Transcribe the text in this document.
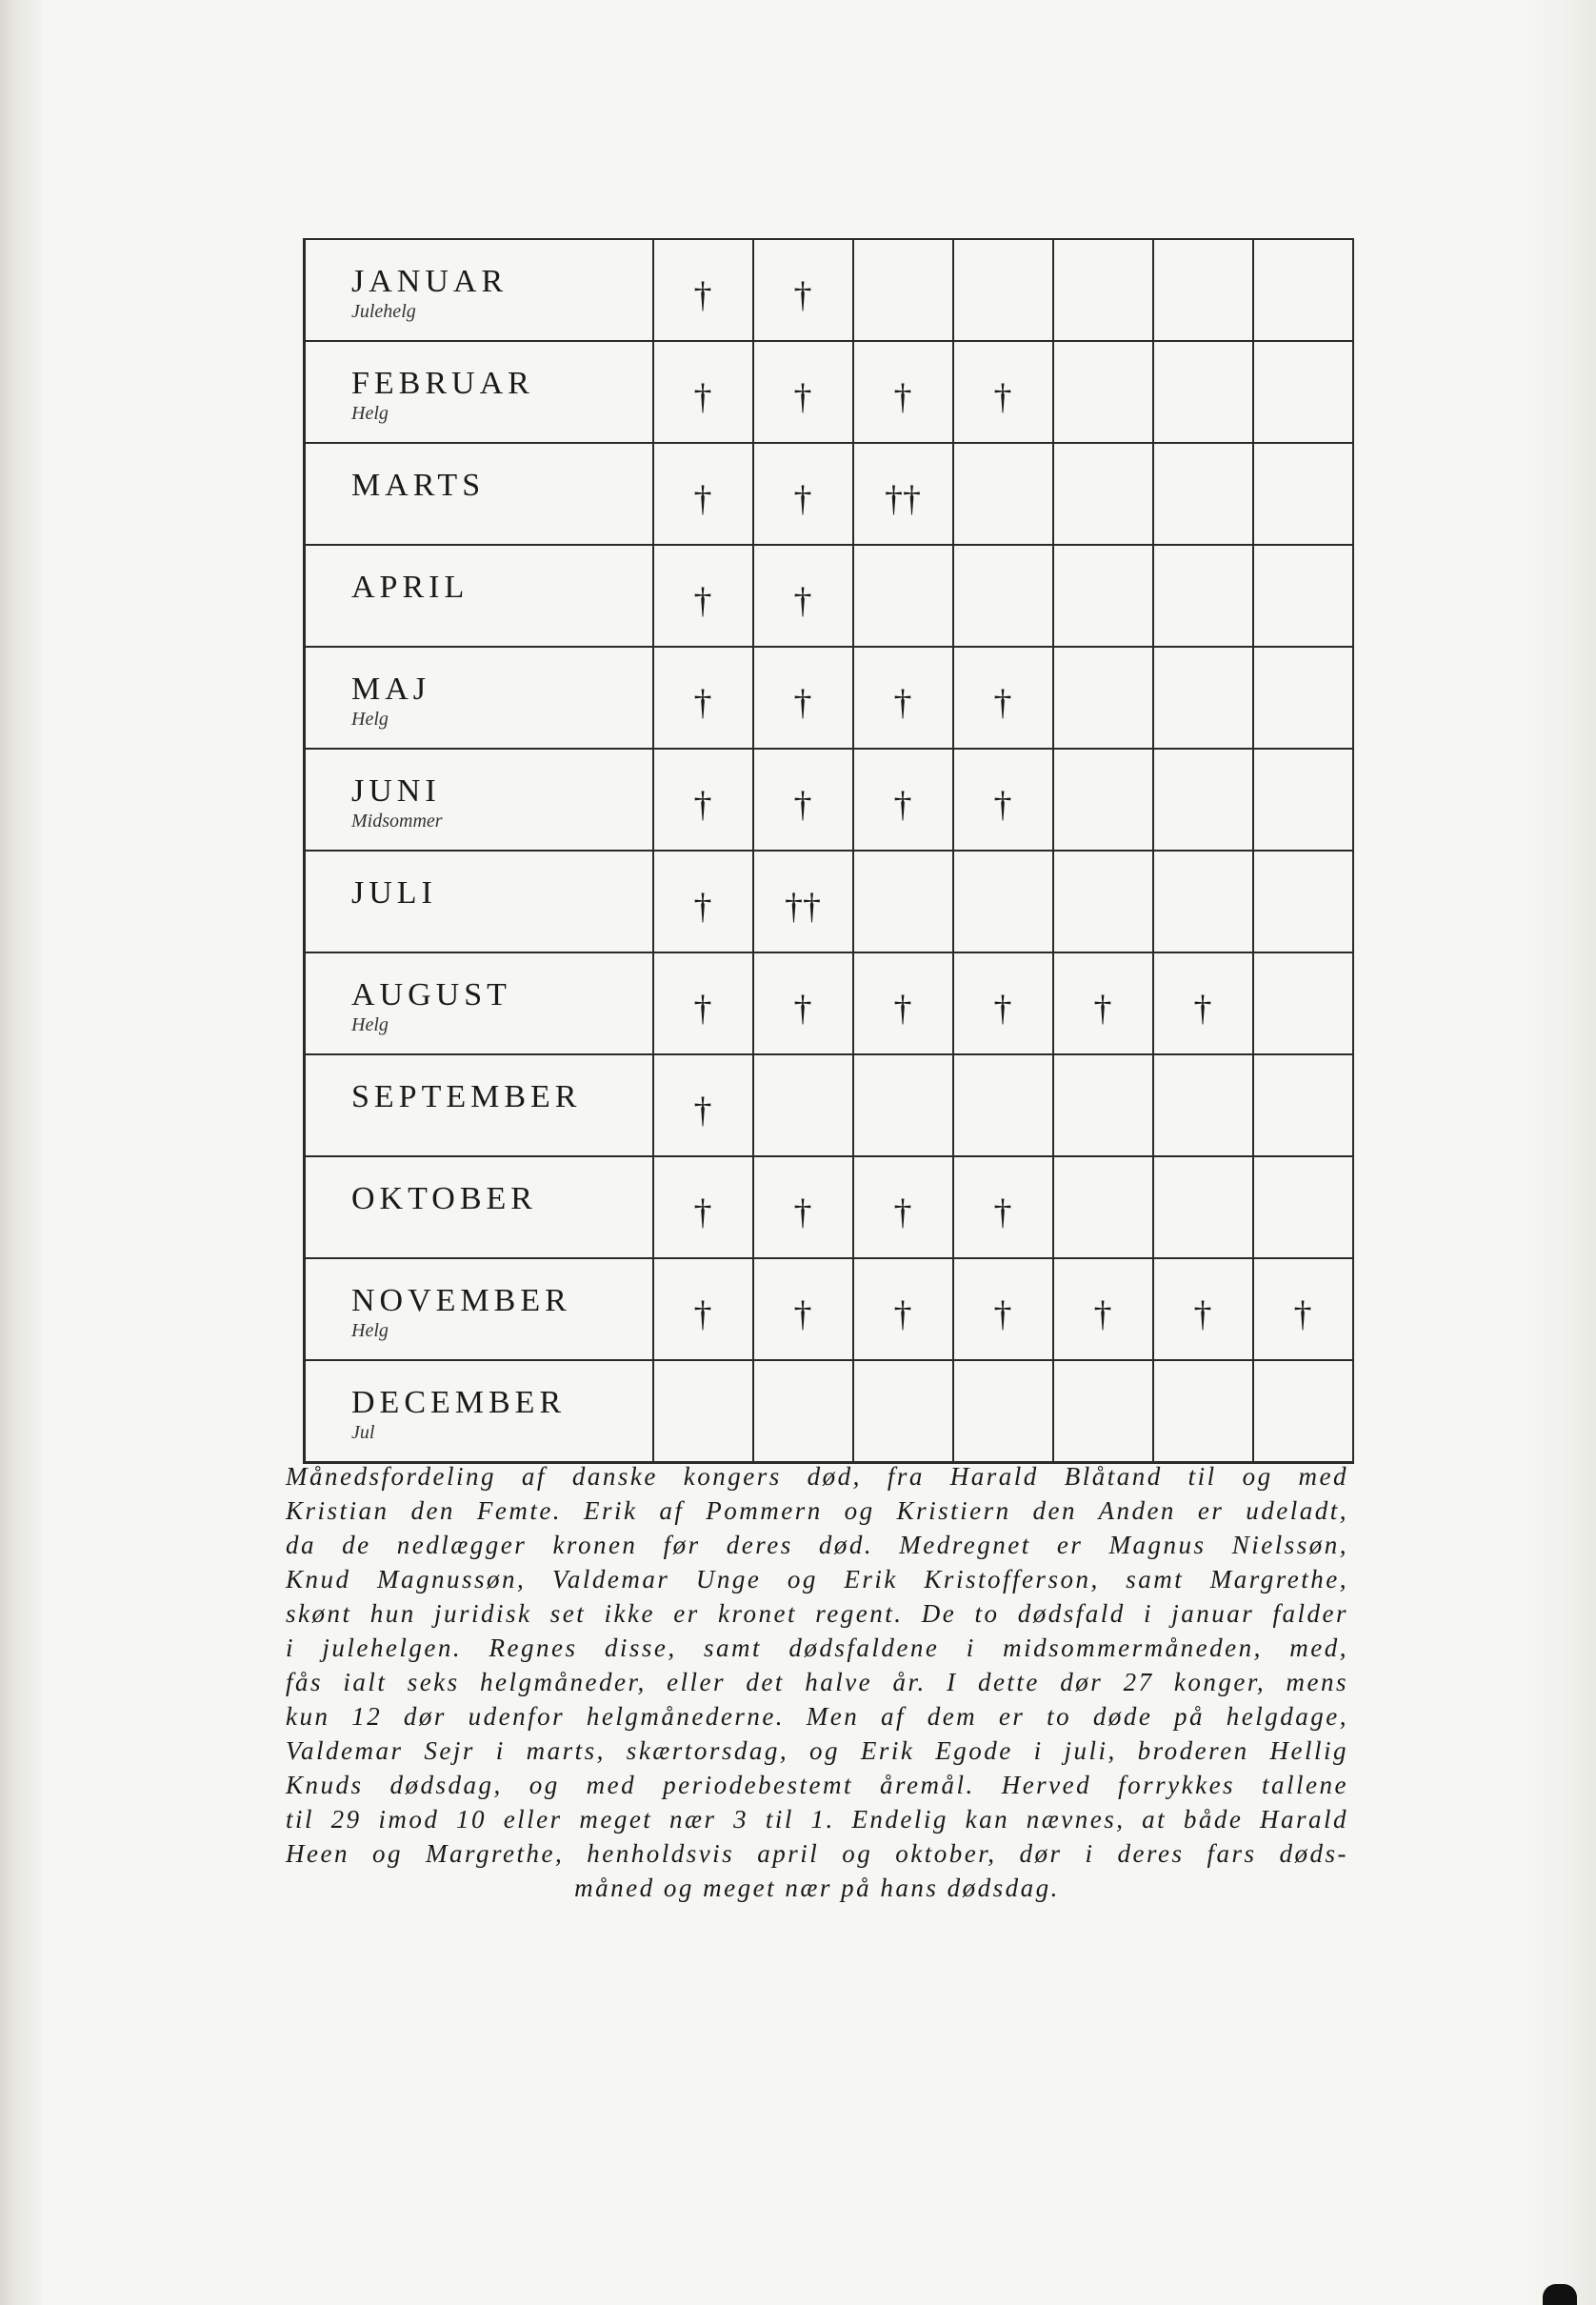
JANUAR
Julehelg	†	†					

FEBRUAR
Helg	†	†	†	†			

MARTS	†	†	††				

APRIL	†	†					

MAJ
Helg	†	†	†	†			

JUNI
Midsommer	†	†	†	†			

JULI	†	††					

AUGUST
Helg	†	†	†	†	†	†	

SEPTEMBER	†						

OKTOBER	†	†	†	†			

NOVEMBER
Helg	†	†	†	†	†	†	†

DECEMBER
Jul							

Månedsfordeling af danske kongers død, fra Harald Blåtand til og med

Kristian den Femte. Erik af Pommern og Kristiern den Anden er udeladt,

da de nedlægger kronen før deres død. Medregnet er Magnus Nielssøn,

Knud Magnussøn, Valdemar Unge og Erik Kristofferson, samt Margrethe,

skønt hun juridisk set ikke er kronet regent. De to dødsfald i januar falder

i julehelgen. Regnes disse, samt dødsfaldene i midsommermåneden, med,

fås ialt seks helgmåneder, eller det halve år. I dette dør 27 konger, mens

kun 12 dør udenfor helgmånederne. Men af dem er to døde på helgdage,

Valdemar Sejr i marts, skærtorsdag, og Erik Egode i juli, broderen Hellig

Knuds dødsdag, og med periodebestemt åremål. Herved forrykkes tallene

til 29 imod 10 eller meget nær 3 til 1. Endelig kan nævnes, at både Harald

Heen og Margrethe, henholdsvis april og oktober, dør i deres fars døds-

måned og meget nær på hans dødsdag.
